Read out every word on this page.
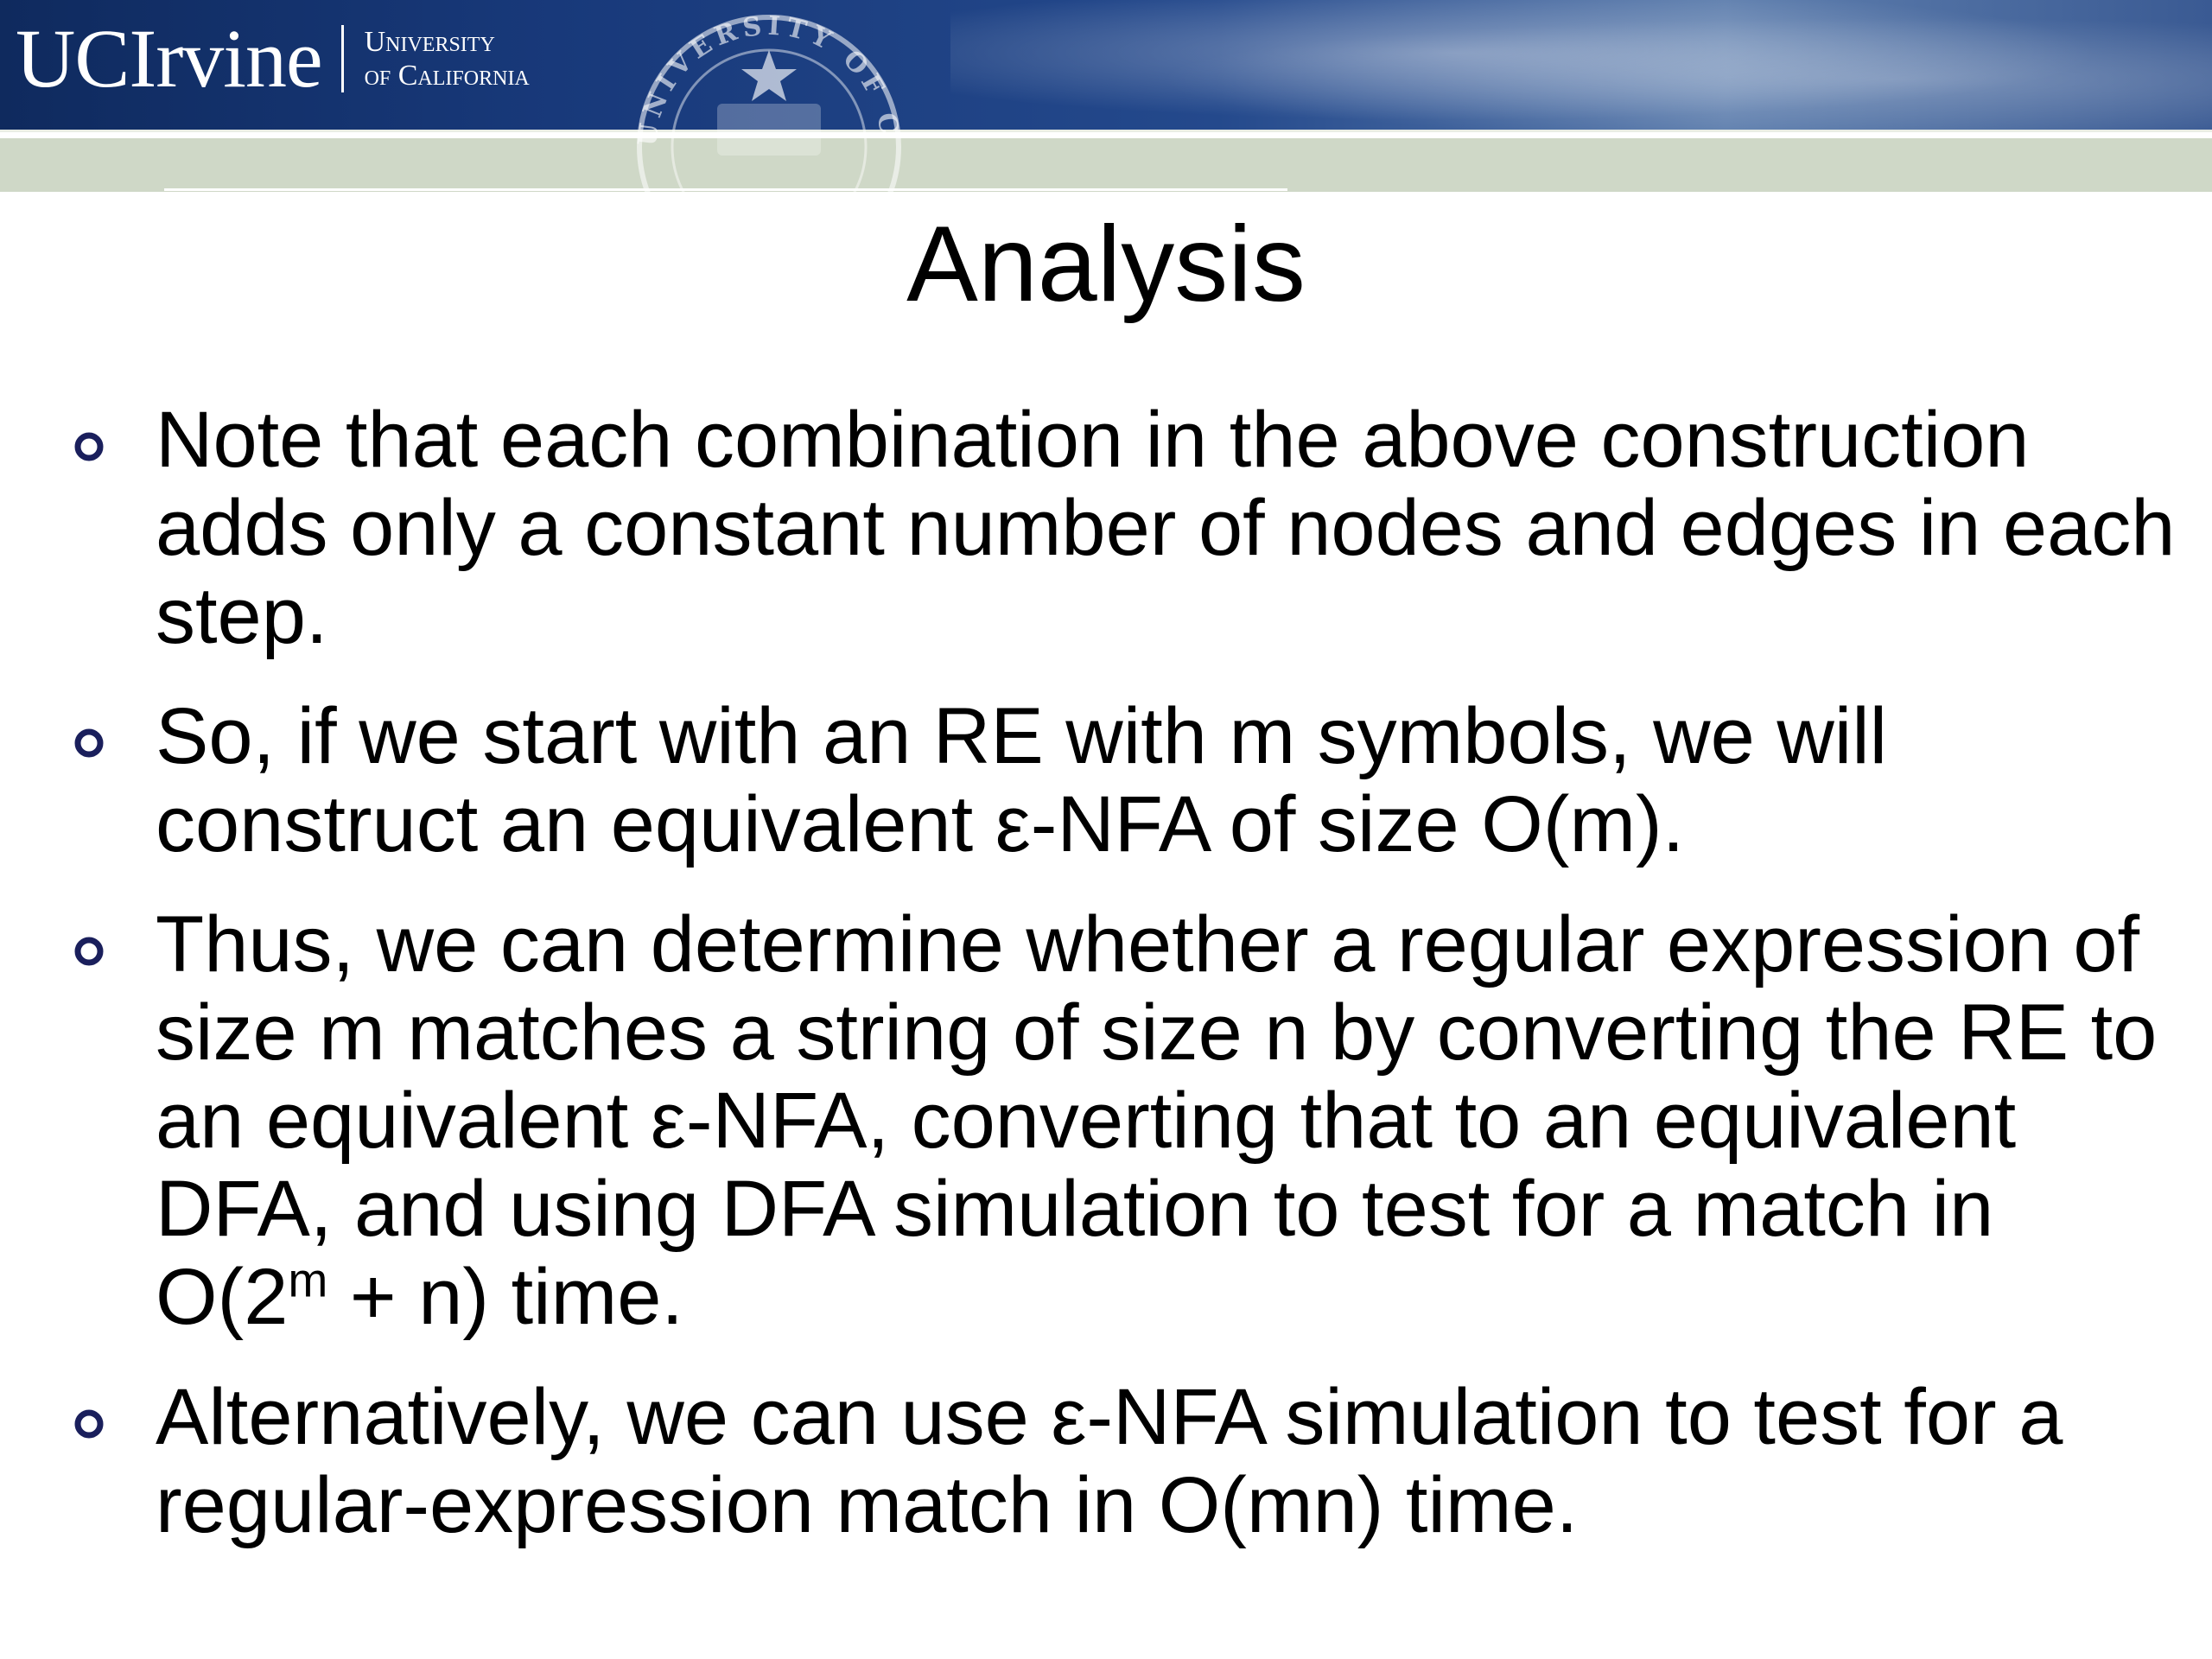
UCIrvine University
of California
UNIVERSITY OF C
Analysis
Note that each combination in the above construction adds only a constant number of nodes and edges in each step.
So, if we start with an RE with m symbols, we will construct an equivalent ε-NFA of size O(m).
Thus, we can determine whether a regular expression of size m matches a string of size n by converting the RE to an equivalent ε-NFA, converting that to an equivalent DFA, and using DFA simulation to test for a match in $O(2^m + n)$ time.
Alternatively, we can use ε-NFA simulation to test for a regular-expression match in O(mn) time.
